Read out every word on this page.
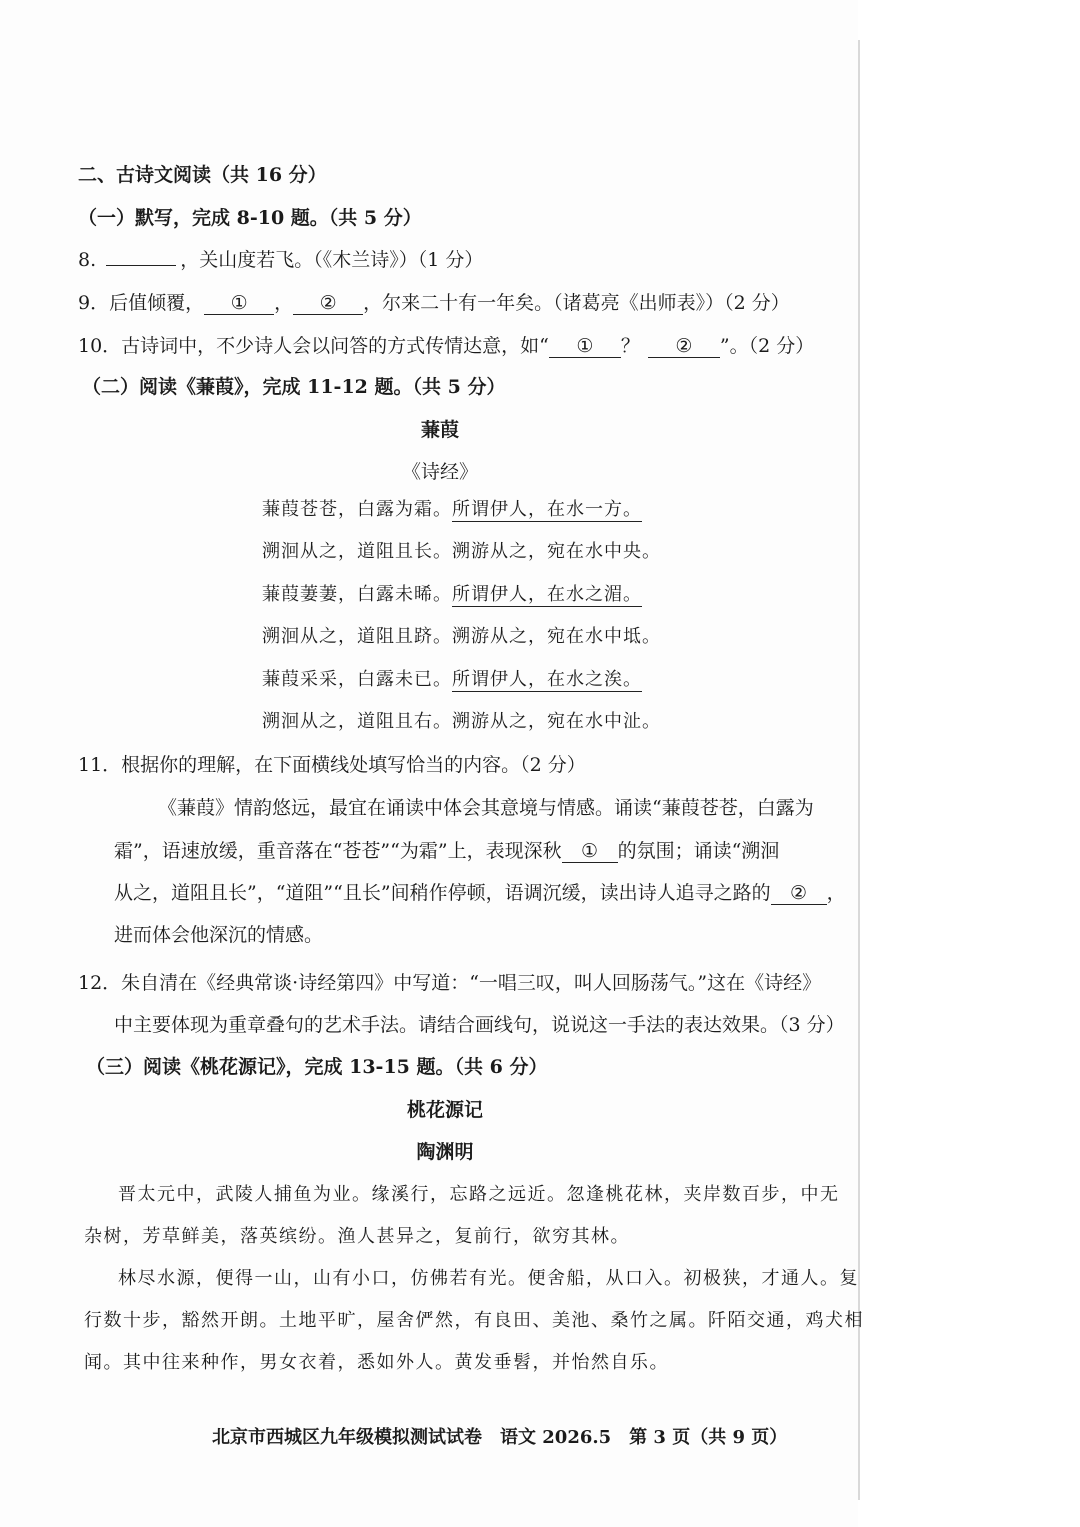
二、古诗文阅读（共 16 分）
（一）默写，完成 8-10 题。（共 5 分）
8.	，关山度若飞。（《木兰诗》）（1 分）
9．后值倾覆， ① ， ② ，尔来二十有一年矣。（诸葛亮《出师表》）（2 分）
10．古诗词中，不少诗人会以问答的方式传情达意，如“ ① ？ ② ”。（2 分）
（二）阅读《蒹葭》，完成 11-12 题。（共 5 分）
蒹葭
《诗经》
蒹葭苍苍，白露为霜。所谓伊人，在水一方。
溯洄从之，道阻且长。溯游从之，宛在水中央。
蒹葭萋萋，白露未晞。所谓伊人，在水之湄。
溯洄从之，道阻且跻。溯游从之，宛在水中坻。
蒹葭采采，白露未已。所谓伊人，在水之涘。
溯洄从之，道阻且右。溯游从之，宛在水中沚。
11．根据你的理解，在下面横线处填写恰当的内容。（2 分）
《蒹葭》情韵悠远，最宜在诵读中体会其意境与情感。诵读“蒹葭苍苍，白露为
霜”，语速放缓，重音落在“苍苍”“为霜”上，表现深秋 ① 的氛围；诵读“溯洄
从之，道阻且长”，“道阻”“且长”间稍作停顿，语调沉缓，读出诗人追寻之路的 ② ，
进而体会他深沉的情感。
12．朱自清在《经典常谈·诗经第四》中写道：“一唱三叹，叫人回肠荡气。”这在《诗经》
中主要体现为重章叠句的艺术手法。请结合画线句，说说这一手法的表达效果。（3 分）
（三）阅读《桃花源记》，完成 13-15 题。（共 6 分）
桃花源记
陶渊明
晋太元中，武陵人捕鱼为业。缘溪行，忘路之远近。忽逢桃花林，夹岸数百步，中无
杂树，芳草鲜美，落英缤纷。渔人甚异之，复前行，欲穷其林。
林尽水源，便得一山，山有小口，仿佛若有光。便舍船，从口入。初极狭，才通人。复
行数十步，豁然开朗。土地平旷，屋舍俨然，有良田、美池、桑竹之属。阡陌交通，鸡犬相
闻。其中往来种作，男女衣着，悉如外人。黄发垂髫，并怡然自乐。
北京市西城区九年级模拟测试试卷　语文 2026.5　第 3 页（共 9 页）
